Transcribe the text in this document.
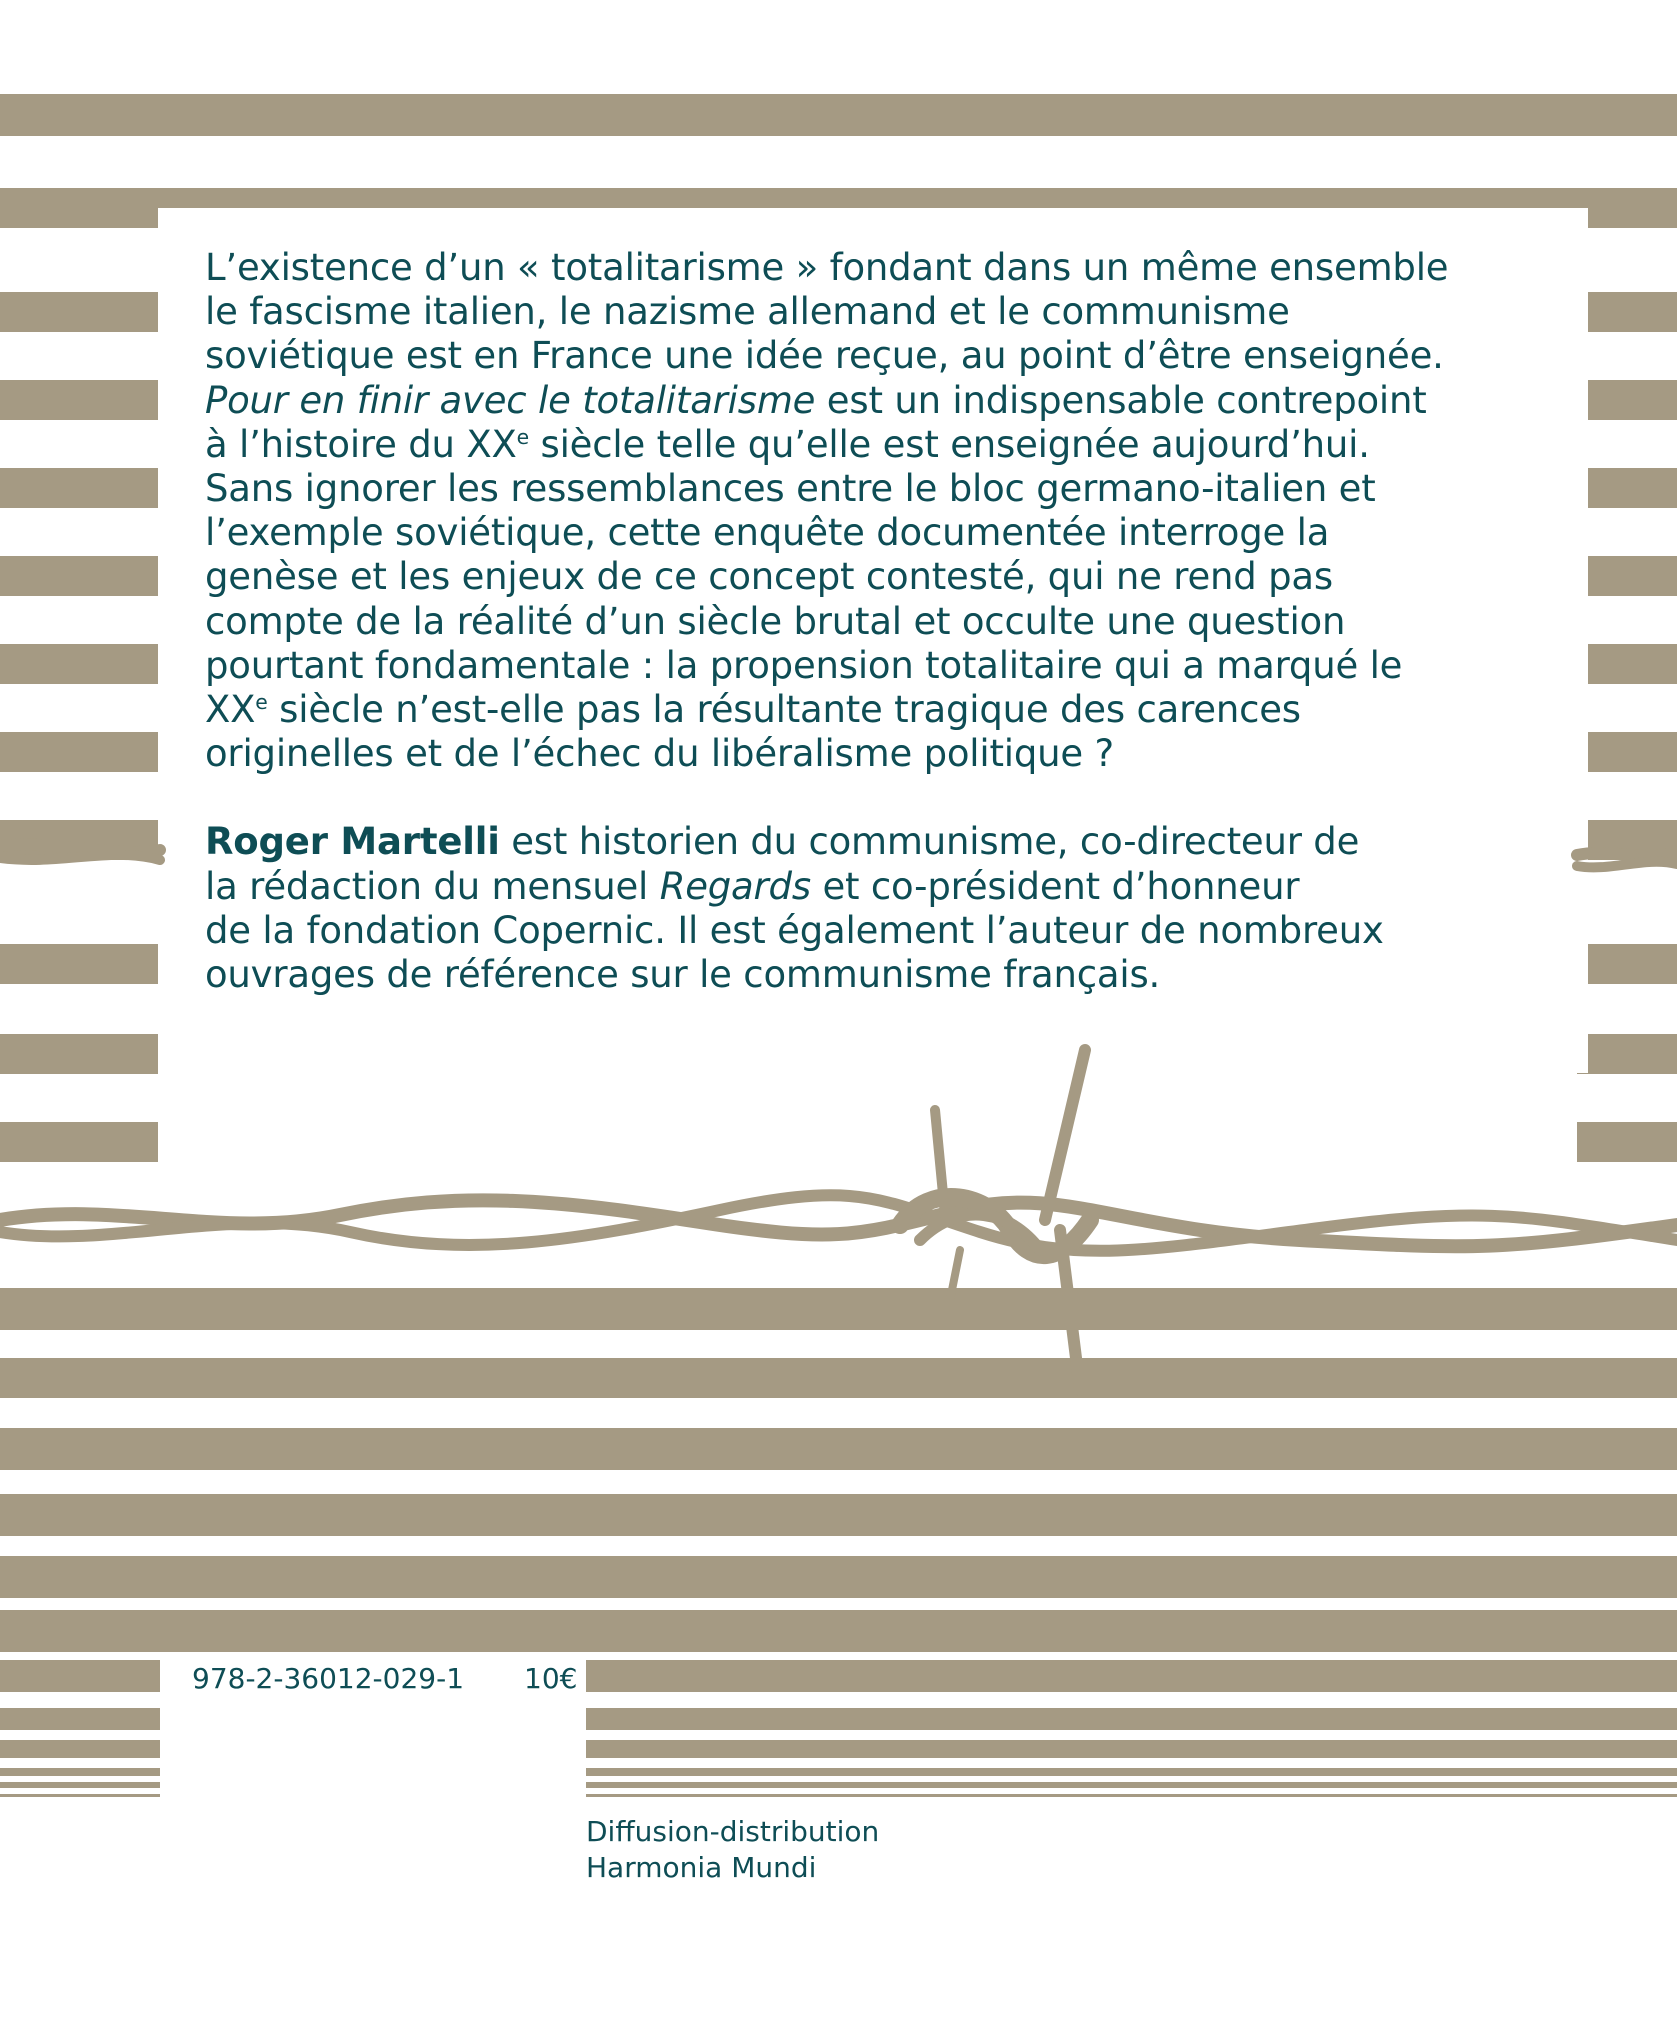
L’existence d’un « totalitarisme » fondant dans un même ensemble
le fascisme italien, le nazisme allemand et le communisme
soviétique est en France une idée reçue, au point d’être enseignée.
Pour en finir avec le totalitarisme est un indispensable contrepoint
à l’histoire du XXe siècle telle qu’elle est enseignée aujourd’hui.
Sans ignorer les ressemblances entre le bloc germano-italien et
l’exemple soviétique, cette enquête documentée interroge la
genèse et les enjeux de ce concept contesté, qui ne rend pas
compte de la réalité d’un siècle brutal et occulte une question
pourtant fondamentale : la propension totalitaire qui a marqué le
XXe siècle n’est-elle pas la résultante tragique des carences
originelles et de l’échec du libéralisme politique ?

Roger Martelli est historien du communisme, co-directeur de
la rédaction du mensuel Regards et co-président d’honneur
de la fondation Copernic. Il est également l’auteur de nombreux
ouvrages de référence sur le communisme français.

978-2-36012-029-1 10€
Diffusion-distribution
Harmonia Mundi
